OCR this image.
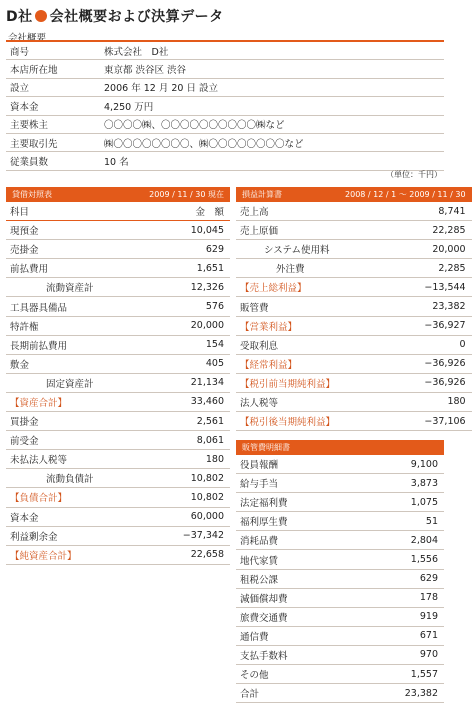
D社 会社概要および決算データ
会社概要
商号	株式会社　D社
本店所在地	東京都 渋谷区 渋谷
設立	2006 年 12 月 20 日 設立
資本金	4,250 万円
主要株主	〇〇〇〇㈱、〇〇〇〇〇〇〇〇〇〇㈱など
主要取引先	㈱〇〇〇〇〇〇〇〇、㈱〇〇〇〇〇〇〇〇など
従業員数	10 名
（単位：千円）
貸借対照表	2009 / 11 / 30 現在
科目	金　額
現預金	10,045
売掛金	629
前払費用	1,651
流動資産計	12,326
工具器具備品	576
特許権	20,000
長期前払費用	154
敷金	405
固定資産計	21,134
【資産合計】	33,460
買掛金	2,561
前受金	8,061
未払法人税等	180
流動負債計	10,802
【負債合計】	10,802
資本金	60,000
利益剰余金	−37,342
【純資産合計】	22,658
損益計算書	2008 / 12 / 1 〜 2009 / 11 / 30
売上高	8,741
売上原価	22,285
システム使用料	20,000
外注費	2,285
【売上総利益】	−13,544
販管費	23,382
【営業利益】	−36,927
受取利息	0
【経常利益】	−36,926
【税引前当期純利益】	−36,926
法人税等	180
【税引後当期純利益】	−37,106
販管費明細書	
役員報酬	9,100
給与手当	3,873
法定福利費	1,075
福利厚生費	51
消耗品費	2,804
地代家賃	1,556
租税公課	629
減価償却費	178
旅費交通費	919
通信費	671
支払手数料	970
その他	1,557
合計	23,382
